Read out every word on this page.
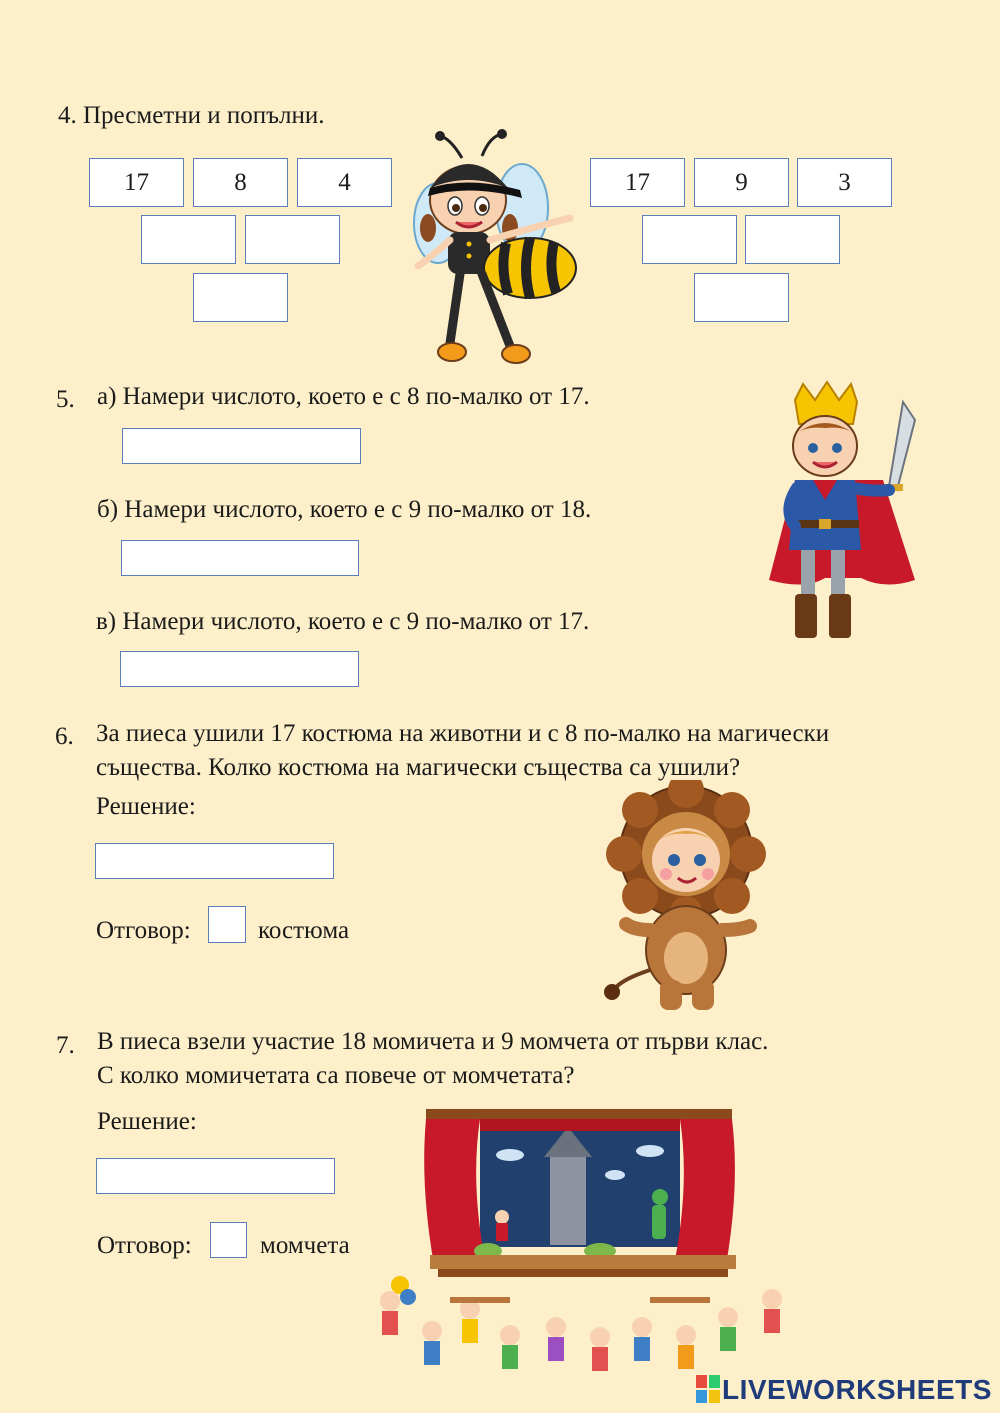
4. Пресметни и попълни.
17	8	4	17	9	3
5. а) Намери числото, което е с 8 по-малко от 17.
б) Намери числото, което е с 9 по-малко от 18.
в) Намери числото, което е с 9 по-малко от 17.
6. За пиеса ушили 17 костюма на животни и с 8 по-малко на магически
същества. Колко костюма на магически същества са ушили?
Решение:
Отговор:	костюма
7. В пиеса взели участие 18 момичета и 9 момчета от първи клас.
С колко момичетата са повече от момчетата?
Решение:
Отговор:	момчета
LIVEWORKSHEETS
